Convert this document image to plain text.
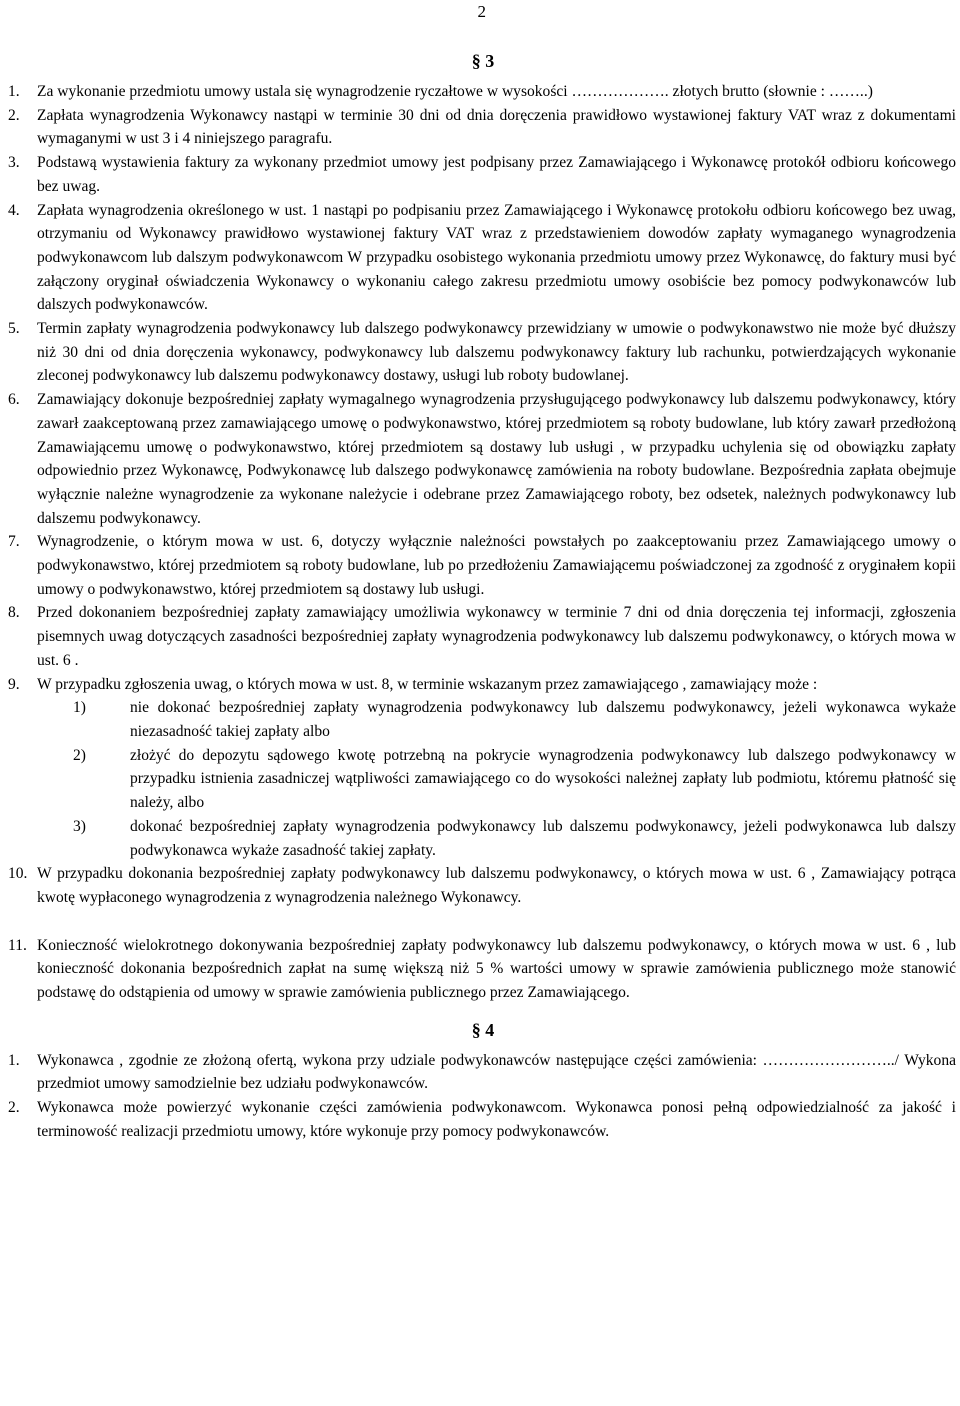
2
§ 3
1.	Za wykonanie przedmiotu umowy ustala się wynagrodzenie ryczałtowe w wysokości ………………. złotych brutto (słownie : ……..)
2.	Zapłata wynagrodzenia Wykonawcy nastąpi w terminie 30 dni od dnia doręczenia prawidłowo wystawionej faktury VAT wraz z dokumentami wymaganymi w ust 3 i 4 niniejszego paragrafu.
3.	Podstawą wystawienia faktury za wykonany przedmiot umowy jest podpisany przez Zamawiającego i Wykonawcę protokół odbioru końcowego bez uwag.
4.	Zapłata wynagrodzenia określonego w ust. 1 nastąpi po podpisaniu przez Zamawiającego i Wykonawcę protokołu odbioru końcowego bez uwag, otrzymaniu od Wykonawcy prawidłowo wystawionej faktury VAT wraz z przedstawieniem dowodów zapłaty wymaganego wynagrodzenia podwykonawcom lub dalszym podwykonawcom W przypadku osobistego wykonania przedmiotu umowy przez Wykonawcę, do faktury musi być załączony oryginał oświadczenia Wykonawcy o wykonaniu całego zakresu przedmiotu umowy osobiście bez pomocy podwykonawców lub dalszych podwykonawców.
5.	Termin zapłaty wynagrodzenia podwykonawcy lub dalszego podwykonawcy przewidziany w umowie o podwykonawstwo nie może być dłuższy niż 30 dni od dnia doręczenia wykonawcy, podwykonawcy lub dalszemu podwykonawcy faktury lub rachunku, potwierdzających wykonanie zleconej podwykonawcy lub dalszemu podwykonawcy dostawy, usługi lub roboty budowlanej.
6.	Zamawiający dokonuje bezpośredniej zapłaty wymagalnego wynagrodzenia przysługującego podwykonawcy lub dalszemu podwykonawcy, który zawarł zaakceptowaną przez zamawiającego umowę o podwykonawstwo, której przedmiotem są roboty budowlane, lub który zawarł przedłożoną Zamawiającemu umowę o podwykonawstwo, której przedmiotem są dostawy lub usługi , w przypadku uchylenia się od obowiązku zapłaty odpowiednio przez Wykonawcę, Podwykonawcę lub dalszego podwykonawcę zamówienia na roboty budowlane. Bezpośrednia zapłata obejmuje wyłącznie należne wynagrodzenie za wykonane należycie i odebrane przez Zamawiającego roboty, bez odsetek, należnych podwykonawcy lub dalszemu podwykonawcy.
7.	Wynagrodzenie, o którym mowa w ust. 6, dotyczy wyłącznie należności powstałych po zaakceptowaniu przez Zamawiającego umowy o podwykonawstwo, której przedmiotem są roboty budowlane, lub po przedłożeniu Zamawiającemu poświadczonej za zgodność z oryginałem kopii umowy o podwykonawstwo, której przedmiotem są dostawy lub usługi.
8.	Przed dokonaniem bezpośredniej zapłaty zamawiający umożliwia wykonawcy w terminie 7 dni od dnia doręczenia tej informacji, zgłoszenia pisemnych uwag dotyczących zasadności bezpośredniej zapłaty wynagrodzenia podwykonawcy lub dalszemu podwykonawcy, o których mowa w ust. 6 .
9.	W przypadku zgłoszenia uwag, o których mowa w ust. 8, w terminie wskazanym przez zamawiającego , zamawiający może :
1)	nie dokonać bezpośredniej zapłaty wynagrodzenia podwykonawcy lub dalszemu podwykonawcy, jeżeli wykonawca wykaże niezasadność takiej zapłaty albo
2)	złożyć do depozytu sądowego kwotę potrzebną na pokrycie wynagrodzenia podwykonawcy lub dalszego podwykonawcy w przypadku istnienia zasadniczej wątpliwości zamawiającego co do wysokości należnej zapłaty lub podmiotu, któremu płatność się należy, albo
3)	dokonać bezpośredniej zapłaty wynagrodzenia podwykonawcy lub dalszemu podwykonawcy, jeżeli podwykonawca lub dalszy podwykonawca wykaże zasadność takiej zapłaty.
10. W przypadku dokonania bezpośredniej zapłaty podwykonawcy lub dalszemu podwykonawcy, o których mowa w ust. 6 , Zamawiający potrąca kwotę wypłaconego wynagrodzenia z wynagrodzenia należnego Wykonawcy.
11. Konieczność wielokrotnego dokonywania bezpośredniej zapłaty podwykonawcy lub dalszemu podwykonawcy, o których mowa w ust. 6 , lub konieczność dokonania bezpośrednich zapłat na sumę większą niż 5 % wartości umowy w sprawie zamówienia publicznego może stanowić podstawę do odstąpienia od umowy w sprawie zamówienia publicznego przez Zamawiającego.
§ 4
1.	Wykonawca , zgodnie ze złożoną ofertą, wykona przy udziale podwykonawców następujące części zamówienia: ……………………../ Wykona przedmiot umowy samodzielnie bez udziału podwykonawców.
2.	Wykonawca może powierzyć wykonanie części zamówienia podwykonawcom. Wykonawca ponosi pełną odpowiedzialność za jakość i terminowość realizacji przedmiotu umowy, które wykonuje przy pomocy podwykonawców.
